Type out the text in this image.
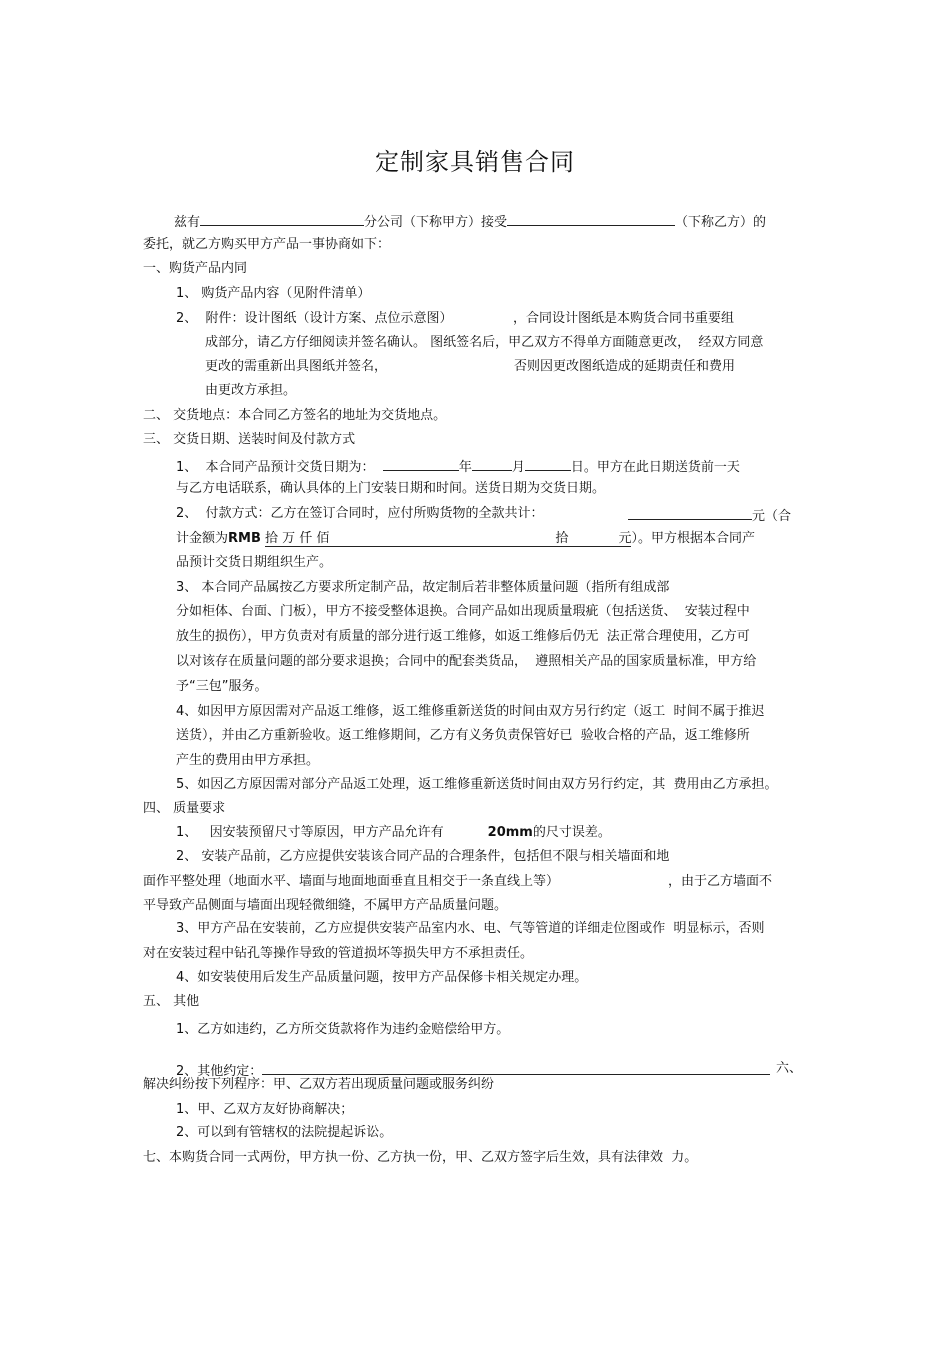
定制家具销售合同
兹有	分公司（下称甲方）接受	（下称乙方）的
委托，就乙方购买甲方产品一事协商如下：
一、购货产品内同
1、 购货产品内容（见附件清单）
2、  附件：设计图纸（设计方案、点位示意图）	，合同设计图纸是本购货合同书重要组
成部分，请乙方仔细阅读并签名确认。 图纸签名后，甲乙双方不得单方面随意更改，  经双方同意
更改的需重新出具图纸并签名，	否则因更改图纸造成的延期责任和费用
由更改方承担。
二、 交货地点：本合同乙方签名的地址为交货地点。
三、 交货日期、送装时间及付款方式
1、  本合同产品预计交货日期为：	年	月	日。甲方在此日期送货前一天
与乙方电话联系，确认具体的上门安装日期和时间。送货日期为交货日期。
2、  付款方式：乙方在签订合同时，应付所购货物的全款共计：	元（合
计金额为RMB 拾 万 仟 佰	拾	元）。甲方根据本合同产
品预计交货日期组织生产。
3、 本合同产品属按乙方要求所定制产品，故定制后若非整体质量问题（指所有组成部
分如柜体、台面、门板），甲方不接受整体退换。合同产品如出现质量瑕疵（包括送货、  安装过程中
放生的损伤），甲方负责对有质量的部分进行返工维修，如返工维修后仍无  法正常合理使用，乙方可
以对该存在质量问题的部分要求退换；合同中的配套类货品，  遵照相关产品的国家质量标准，甲方给
予“三包”服务。
4、如因甲方原因需对产品返工维修，返工维修重新送货的时间由双方另行约定（返工  时间不属于推迟
送货），并由乙方重新验收。返工维修期间，乙方有义务负责保管好已  验收合格的产品，返工维修所
产生的费用由甲方承担。
5、如因乙方原因需对部分产品返工处理，返工维修重新送货时间由双方另行约定，其  费用由乙方承担。
四、 质量要求
1、   因安装预留尺寸等原因，甲方产品允许有	20mm的尺寸误差。
2、 安装产品前，乙方应提供安装该合同产品的合理条件，包括但不限与相关墙面和地
面作平整处理（地面水平、墙面与地面地面垂直且相交于一条直线上等）	，由于乙方墙面不
平导致产品侧面与墙面出现轻微细缝，不属甲方产品质量问题。
3、甲方产品在安装前，乙方应提供安装产品室内水、电、气等管道的详细走位图或作  明显标示，否则
对在安装过程中钻孔等操作导致的管道损坏等损失甲方不承担责任。
4、如安装使用后发生产品质量问题，按甲方产品保修卡相关规定办理。
五、 其他
1、乙方如违约，乙方所交货款将作为违约金赔偿给甲方。
2、其他约定：	六、
解决纠纷按下列程序：甲、乙双方若出现质量问题或服务纠纷
1、甲、乙双方友好协商解决；
2、可以到有管辖权的法院提起诉讼。
七、本购货合同一式两份，甲方执一份、乙方执一份，甲、乙双方签字后生效，具有法律效  力。
